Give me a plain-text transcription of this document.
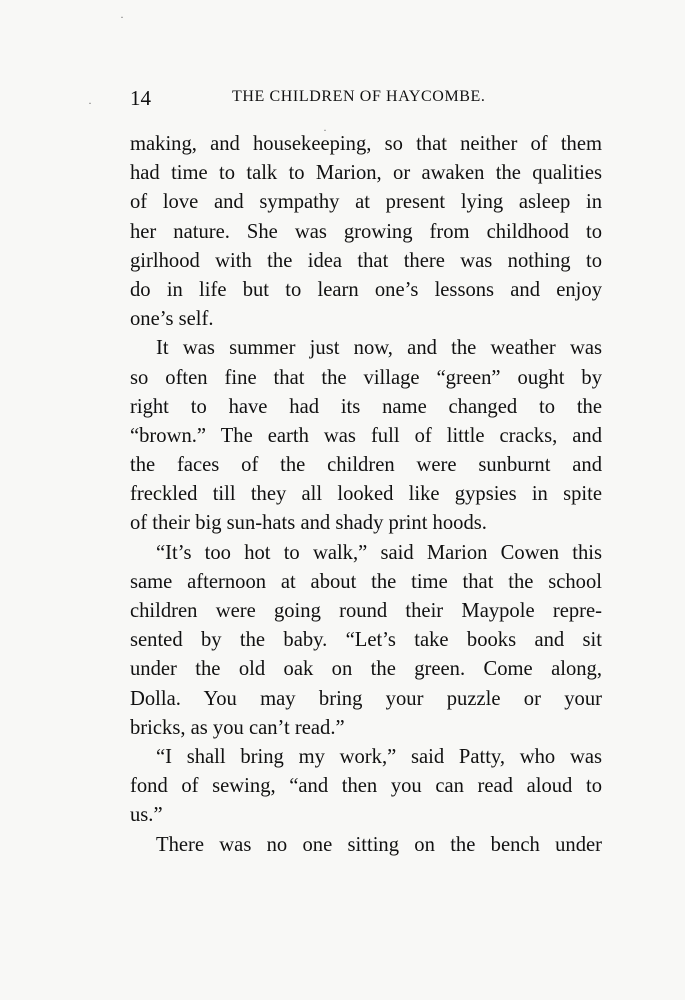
·
·
·
14	THE CHILDREN OF HAYCOMBE.
making, and housekeeping, so that neither of them
had time to talk to Marion, or awaken the qualities
of love and sympathy at present lying asleep in
her nature. She was growing from childhood to
girlhood with the idea that there was nothing to
do in life but to learn one’s lessons and enjoy
one’s self.
It was summer just now, and the weather was
so often fine that the village “green” ought by
right to have had its name changed to the
“brown.” The earth was full of little cracks, and
the faces of the children were sunburnt and
freckled till they all looked like gypsies in spite
of their big sun-hats and shady print hoods.
“It’s too hot to walk,” said Marion Cowen this
same afternoon at about the time that the school
children were going round their Maypole repre-
sented by the baby. “Let’s take books and sit
under the old oak on the green. Come along,
Dolla. You may bring your puzzle or your
bricks, as you can’t read.”
“I shall bring my work,” said Patty, who was
fond of sewing, “and then you can read aloud to
us.”
There was no one sitting on the bench under
